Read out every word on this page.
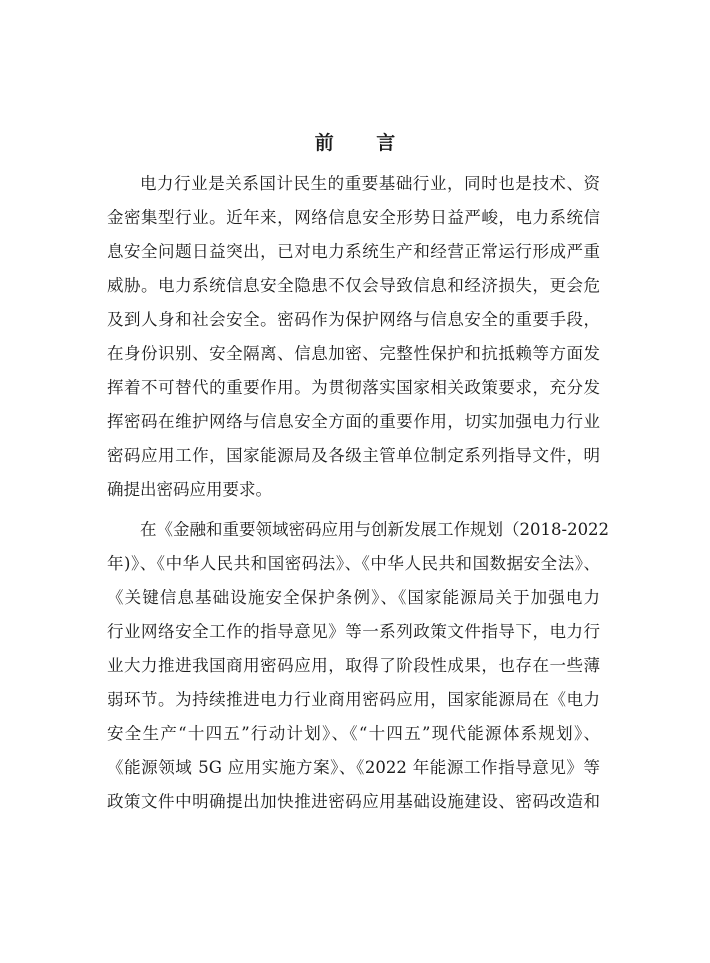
前 言
电力行业是关系国计民生的重要基础行业，同时也是技术、资
金密集型行业。近年来，网络信息安全形势日益严峻，电力系统信
息安全问题日益突出，已对电力系统生产和经营正常运行形成严重
威胁。电力系统信息安全隐患不仅会导致信息和经济损失，更会危
及到人身和社会安全。密码作为保护网络与信息安全的重要手段，
在身份识别、安全隔离、信息加密、完整性保护和抗抵赖等方面发
挥着不可替代的重要作用。为贯彻落实国家相关政策要求，充分发
挥密码在维护网络与信息安全方面的重要作用，切实加强电力行业
密码应用工作，国家能源局及各级主管单位制定系列指导文件，明
确提出密码应用要求。
在《金融和重要领域密码应用与创新发展工作规划（2018-2022
年)》、《中华人民共和国密码法》、《中华人民共和国数据安全法》、
《关键信息基础设施安全保护条例》、《国家能源局关于加强电力
行业网络安全工作的指导意见》等一系列政策文件指导下，电力行
业大力推进我国商用密码应用，取得了阶段性成果，也存在一些薄
弱环节。为持续推进电力行业商用密码应用，国家能源局在《电力
安全生产“十四五”行动计划》、《“十四五”现代能源体系规划》、
《能源领域 5G 应用实施方案》、《2022 年能源工作指导意见》等
政策文件中明确提出加快推进密码应用基础设施建设、密码改造和
